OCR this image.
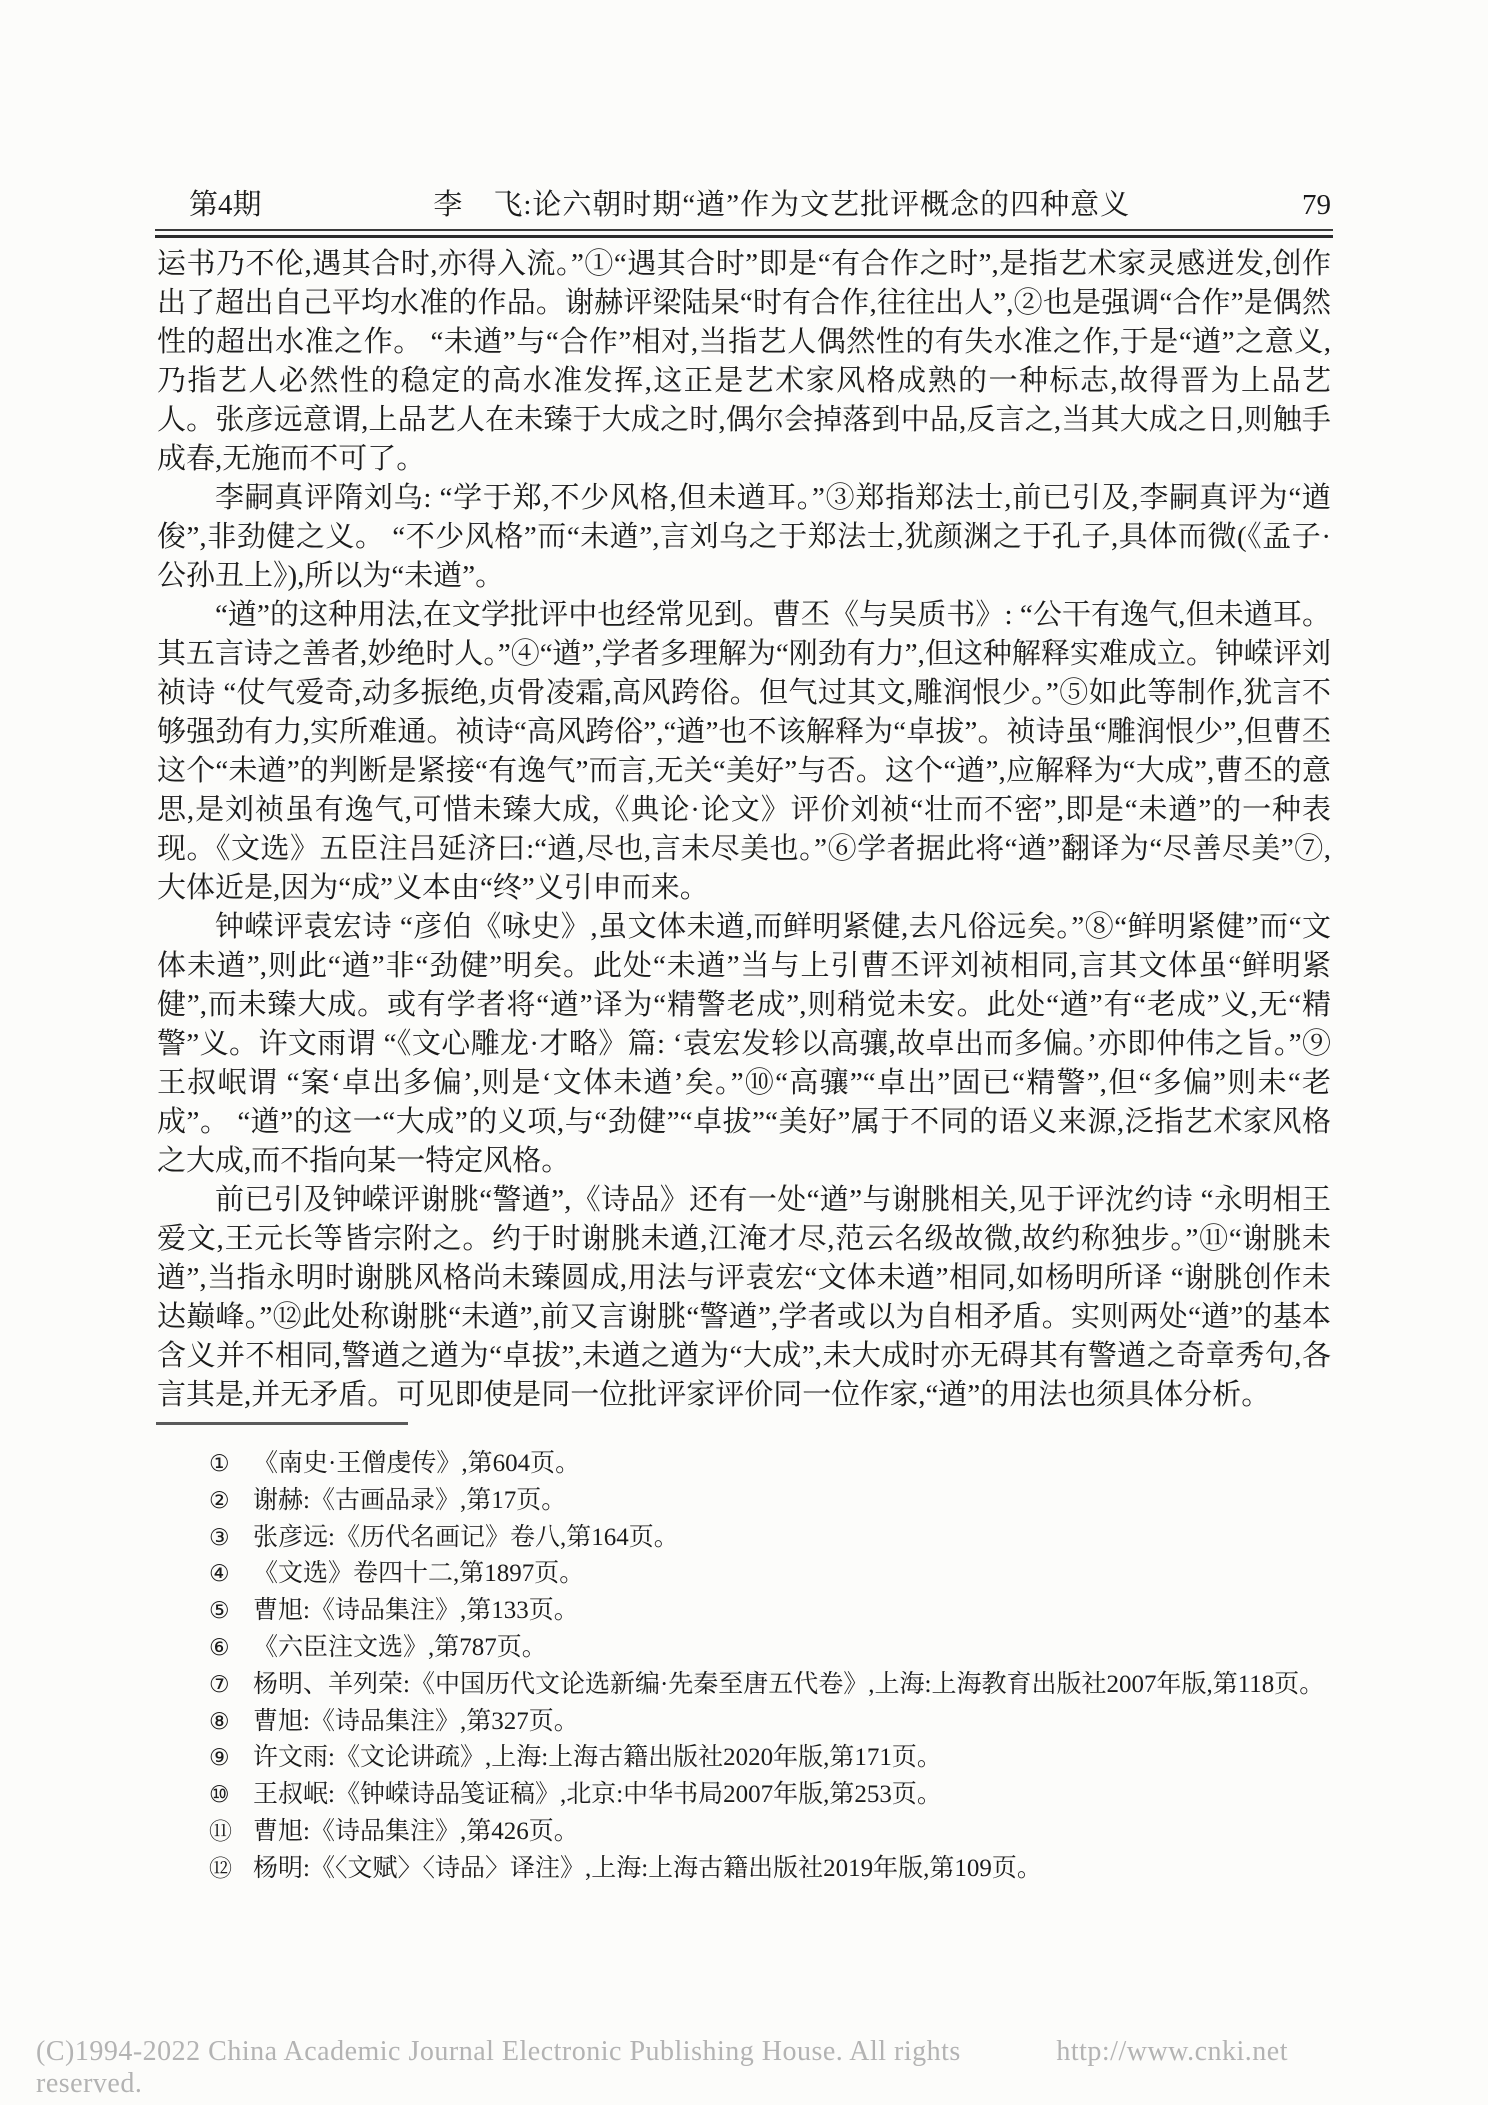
第4期	李　飞:论六朝时期“遒”作为文艺批评概念的四种意义	79

运书乃不伦,遇其合时,亦得入流。”①“遇其合时”即是“有合作之时”,是指艺术家灵感迸发,创作出了超出自己平均水准的作品。谢赫评梁陆杲“时有合作,往往出人”,②也是强调“合作”是偶然性的超出水准之作。 “未遒”与“合作”相对,当指艺人偶然性的有失水准之作,于是“遒”之意义,乃指艺人必然性的稳定的高水准发挥,这正是艺术家风格成熟的一种标志,故得晋为上品艺人。张彦远意谓,上品艺人在未臻于大成之时,偶尔会掉落到中品,反言之,当其大成之日,则触手成春,无施而不可了。

李嗣真评隋刘乌: “学于郑,不少风格,但未遒耳。”③郑指郑法士,前已引及,李嗣真评为“遒俊”,非劲健之义。 “不少风格”而“未遒”,言刘乌之于郑法士,犹颜渊之于孔子,具体而微(《孟子·公孙丑上》),所以为“未遒”。

“遒”的这种用法,在文学批评中也经常见到。曹丕《与吴质书》: “公干有逸气,但未遒耳。其五言诗之善者,妙绝时人。”④“遒”,学者多理解为“刚劲有力”,但这种解释实难成立。钟嵘评刘祯诗 “仗气爱奇,动多振绝,贞骨凌霜,高风跨俗。但气过其文,雕润恨少。”⑤如此等制作,犹言不够强劲有力,实所难通。祯诗“高风跨俗”,“遒”也不该解释为“卓拔”。祯诗虽“雕润恨少”,但曹丕这个“未遒”的判断是紧接“有逸气”而言,无关“美好”与否。这个“遒”,应解释为“大成”,曹丕的意思,是刘祯虽有逸气,可惜未臻大成,《典论·论文》评价刘祯“壮而不密”,即是“未遒”的一种表现。《文选》五臣注吕延济曰:“遒,尽也,言未尽美也。”⑥学者据此将“遒”翻译为“尽善尽美”⑦,大体近是,因为“成”义本由“终”义引申而来。

钟嵘评袁宏诗 “彦伯《咏史》,虽文体未遒,而鲜明紧健,去凡俗远矣。”⑧“鲜明紧健”而“文体未遒”,则此“遒”非“劲健”明矣。此处“未遒”当与上引曹丕评刘祯相同,言其文体虽“鲜明紧健”,而未臻大成。或有学者将“遒”译为“精警老成”,则稍觉未安。此处“遒”有“老成”义,无“精警”义。许文雨谓 “《文心雕龙·才略》篇: ‘袁宏发轸以高骧,故卓出而多偏。’亦即仲伟之旨。”⑨王叔岷谓 “案‘卓出多偏’,则是‘文体未遒’矣。”⑩“高骧”“卓出”固已“精警”,但“多偏”则未“老成”。 “遒”的这一“大成”的义项,与“劲健”“卓拔”“美好”属于不同的语义来源,泛指艺术家风格之大成,而不指向某一特定风格。

前已引及钟嵘评谢朓“警遒”,《诗品》还有一处“遒”与谢朓相关,见于评沈约诗 “永明相王爱文,王元长等皆宗附之。约于时谢朓未遒,江淹才尽,范云名级故微,故约称独步。”⑪“谢朓未遒”,当指永明时谢朓风格尚未臻圆成,用法与评袁宏“文体未遒”相同,如杨明所译 “谢朓创作未达巅峰。”⑫此处称谢朓“未遒”,前又言谢朓“警遒”,学者或以为自相矛盾。实则两处“遒”的基本含义并不相同,警遒之遒为“卓拔”,未遒之遒为“大成”,未大成时亦无碍其有警遒之奇章秀句,各言其是,并无矛盾。可见即使是同一位批评家评价同一位作家,“遒”的用法也须具体分析。

① 《南史·王僧虔传》,第604页。
② 谢赫:《古画品录》,第17页。
③ 张彦远:《历代名画记》卷八,第164页。
④ 《文选》卷四十二,第1897页。
⑤ 曹旭:《诗品集注》,第133页。
⑥ 《六臣注文选》,第787页。
⑦ 杨明、羊列荣:《中国历代文论选新编·先秦至唐五代卷》,上海:上海教育出版社2007年版,第118页。
⑧ 曹旭:《诗品集注》,第327页。
⑨ 许文雨:《文论讲疏》,上海:上海古籍出版社2020年版,第171页。
⑩ 王叔岷:《钟嵘诗品笺证稿》,北京:中华书局2007年版,第253页。
⑪ 曹旭:《诗品集注》,第426页。
⑫ 杨明:《〈文赋〉〈诗品〉译注》,上海:上海古籍出版社2019年版,第109页。
(C)1994-2022 China Academic Journal Electronic Publishing House. All rights reserved.
http://www.cnki.net
